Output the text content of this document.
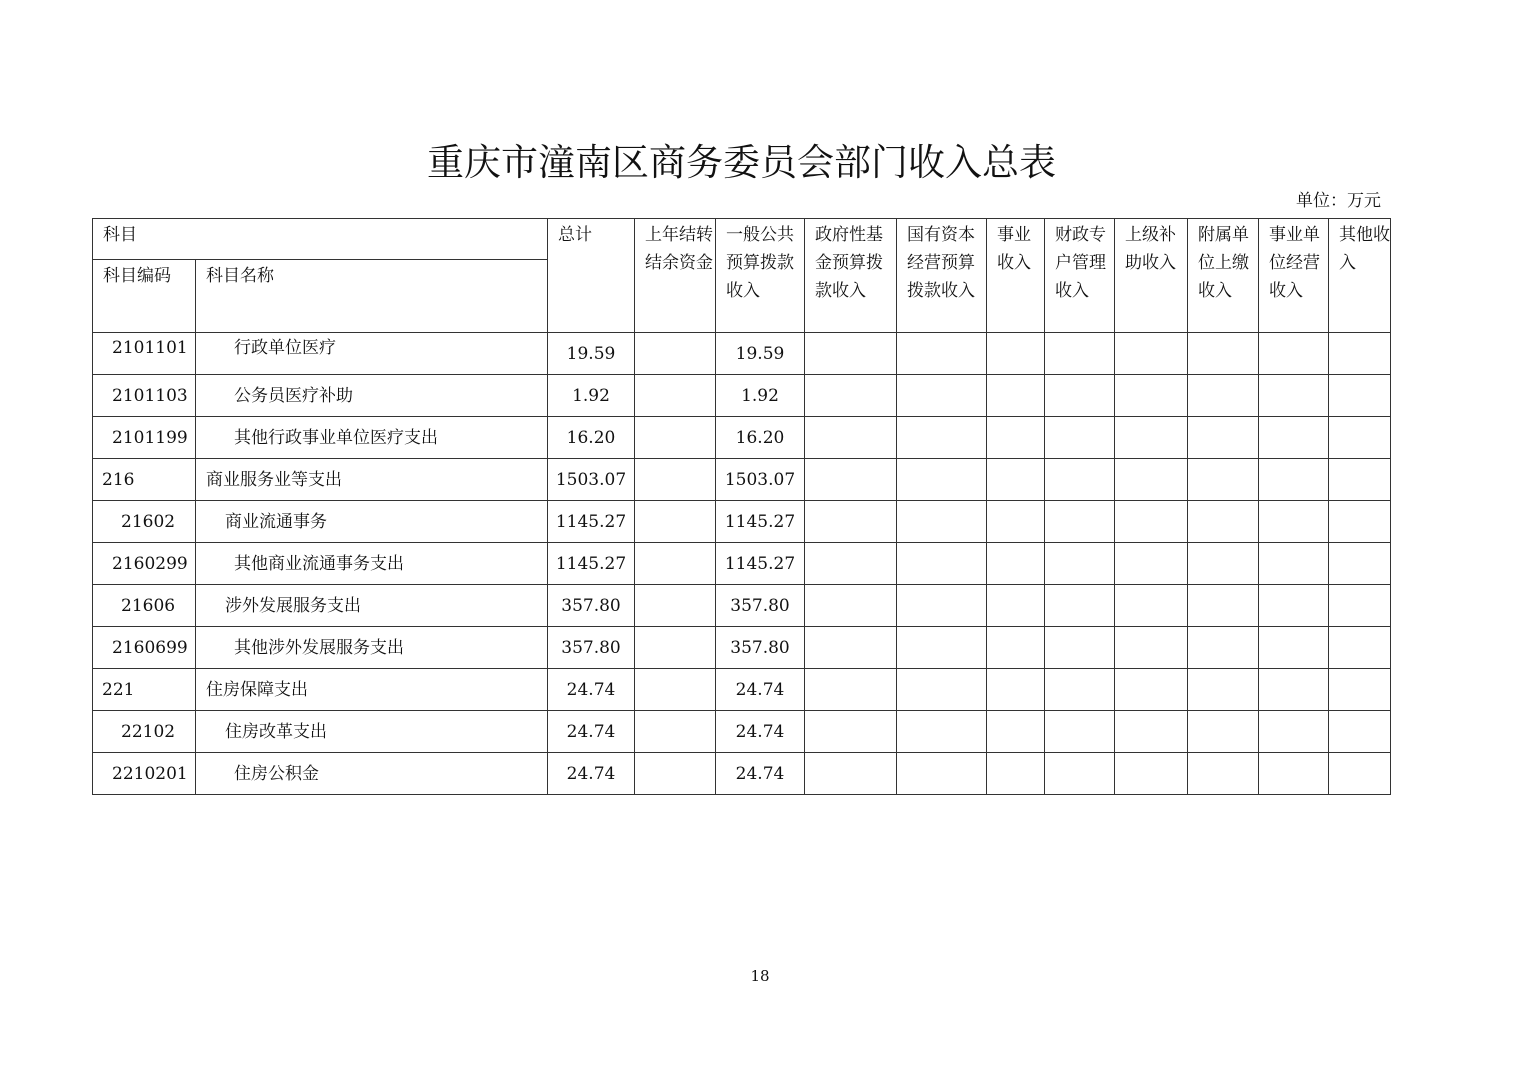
重庆市潼南区商务委员会部门收入总表
单位：万元
科目		总计	上年结转结余资金	一般公共预算拨款收入	政府性基金预算拨款收入	国有资本经营预算拨款收入	事业收入	财政专户管理收入	上级补助收入	附属单位上缴收入	事业单位经营收入	其他收入
科目编码	科目名称											
2101101	行政单位医疗	19.59		19.59								
2101103	公务员医疗补助	1.92		1.92								
2101199	其他行政事业单位医疗支出	16.20		16.20								
216	商业服务业等支出	1503.07		1503.07								
21602	商业流通事务	1145.27		1145.27								
2160299	其他商业流通事务支出	1145.27		1145.27								
21606	涉外发展服务支出	357.80		357.80								
2160699	其他涉外发展服务支出	357.80		357.80								
221	住房保障支出	24.74		24.74								
22102	住房改革支出	24.74		24.74								
2210201	住房公积金	24.74		24.74								
18
